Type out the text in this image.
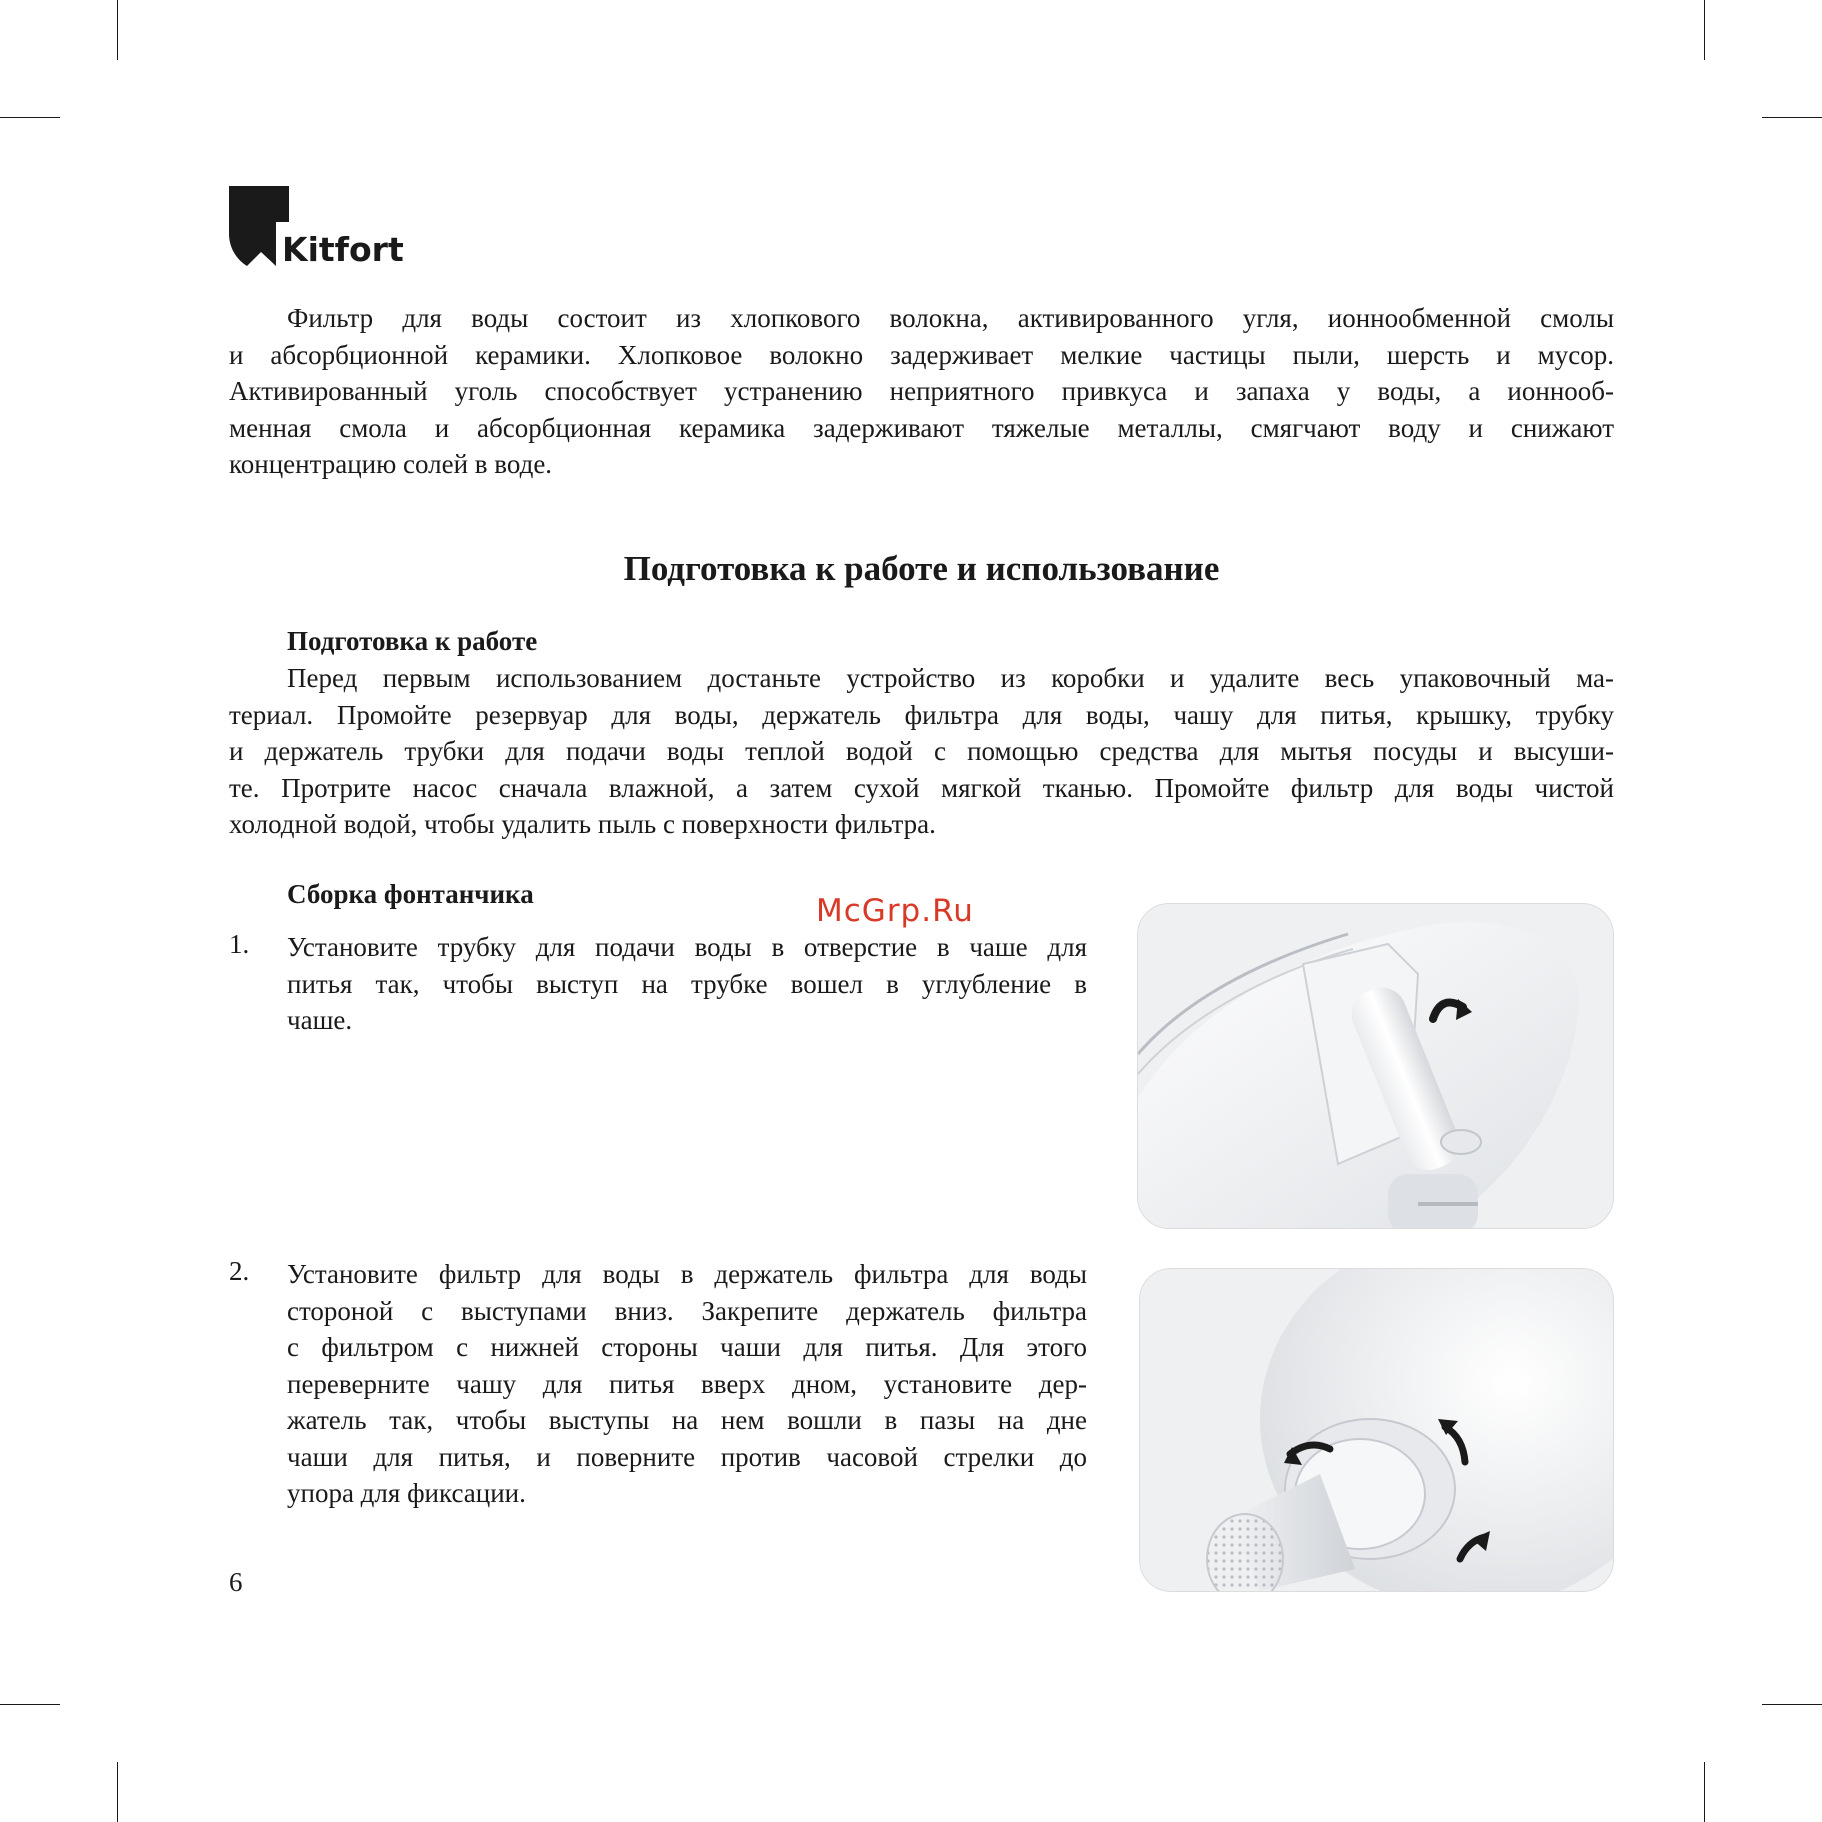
Kitfort
Фильтр для воды состоит из хлопкового волокна, активированного угля, ионнообменной смолы
и абсорбционной керамики. Хлопковое волокно задерживает мелкие частицы пыли, шерсть и мусор.
Активированный уголь способствует устранению неприятного привкуса и запаха у воды, а ионнооб-
менная смола и абсорбционная керамика задерживают тяжелые металлы, смягчают воду и снижают
концентрацию солей в воде.
Подготовка к работе и использование
Подготовка к работе
Перед первым использованием достаньте устройство из коробки и удалите весь упаковочный ма-
териал. Промойте резервуар для воды, держатель фильтра для воды, чашу для питья, крышку, трубку
и держатель трубки для подачи воды теплой водой с помощью средства для мытья посуды и высуши-
те. Протрите насос сначала влажной, а затем сухой мягкой тканью. Промойте фильтр для воды чистой
холодной водой, чтобы удалить пыль с поверхности фильтра.
Сборка фонтанчика	McGrp.Ru
1. Установите трубку для подачи воды в отверстие в чаше для
питья так, чтобы выступ на трубке вошел в углубление в
чаше.
2. Установите фильтр для воды в держатель фильтра для воды
стороной с выступами вниз. Закрепите держатель фильтра
с фильтром с нижней стороны чаши для питья. Для этого
переверните чашу для питья вверх дном, установите дер-
жатель так, чтобы выступы на нем вошли в пазы на дне
чаши для питья, и поверните против часовой стрелки до
упора для фиксации.
6
